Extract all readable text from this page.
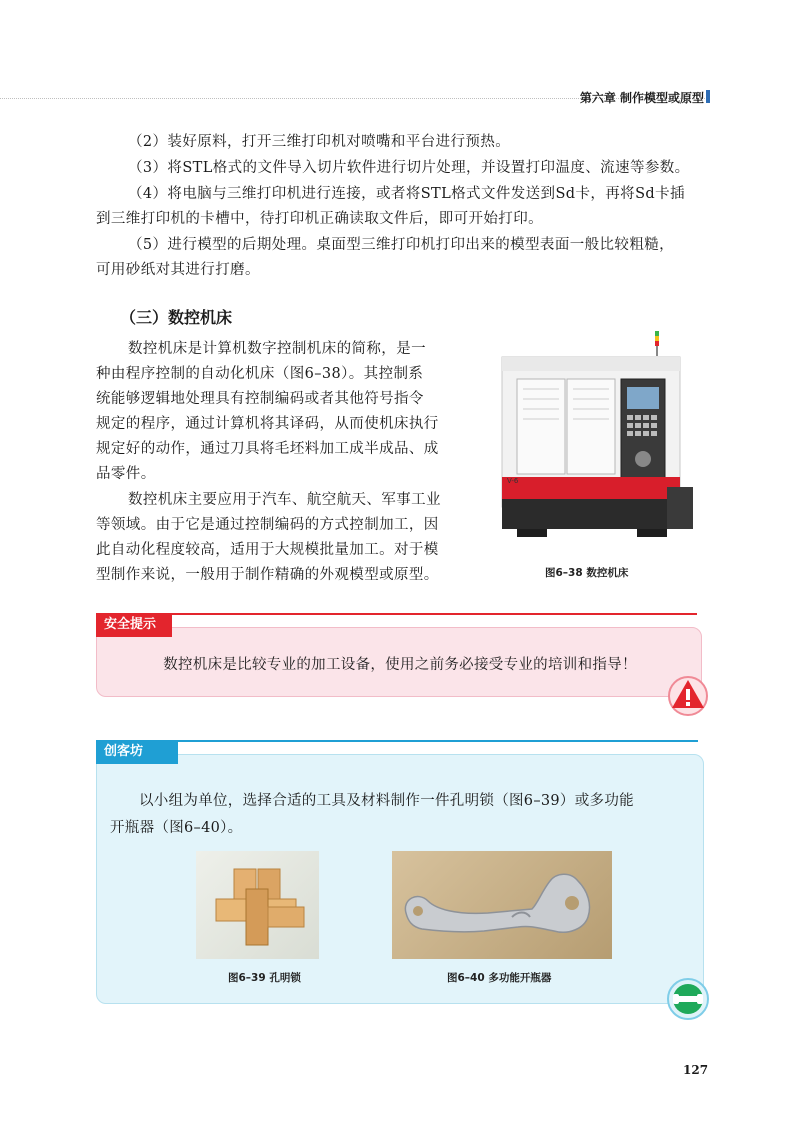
第六章 制作模型或原型

（2）装好原料，打开三维打印机对喷嘴和平台进行预热。

（3）将STL格式的文件导入切片软件进行切片处理，并设置打印温度、流速等参数。

（4）将电脑与三维打印机进行连接，或者将STL格式文件发送到Sd卡，再将Sd卡插

到三维打印机的卡槽中，待打印机正确读取文件后，即可开始打印。

（5）进行模型的后期处理。桌面型三维打印机打印出来的模型表面一般比较粗糙，

可用砂纸对其进行打磨。

（三）数控机床

数控机床是计算机数字控制机床的简称，是一

种由程序控制的自动化机床（图6–38）。其控制系

统能够逻辑地处理具有控制编码或者其他符号指令

规定的程序，通过计算机将其译码，从而使机床执行

规定好的动作，通过刀具将毛坯料加工成半成品、成

品零件。

数控机床主要应用于汽车、航空航天、军事工业

等领域。由于它是通过控制编码的方式控制加工，因

此自动化程度较高，适用于大规模批量加工。对于模

型制作来说，一般用于制作精确的外观模型或原型。

V-6
图6–38 数控机床
安全提示
数控机床是比较专业的加工设备，使用之前务必接受专业的培训和指导！
创客坊
以小组为单位，选择合适的工具及材料制作一件孔明锁（图6–39）或多功能
开瓶器（图6–40）。
图6–39 孔明锁	图6–40 多功能开瓶器
127
